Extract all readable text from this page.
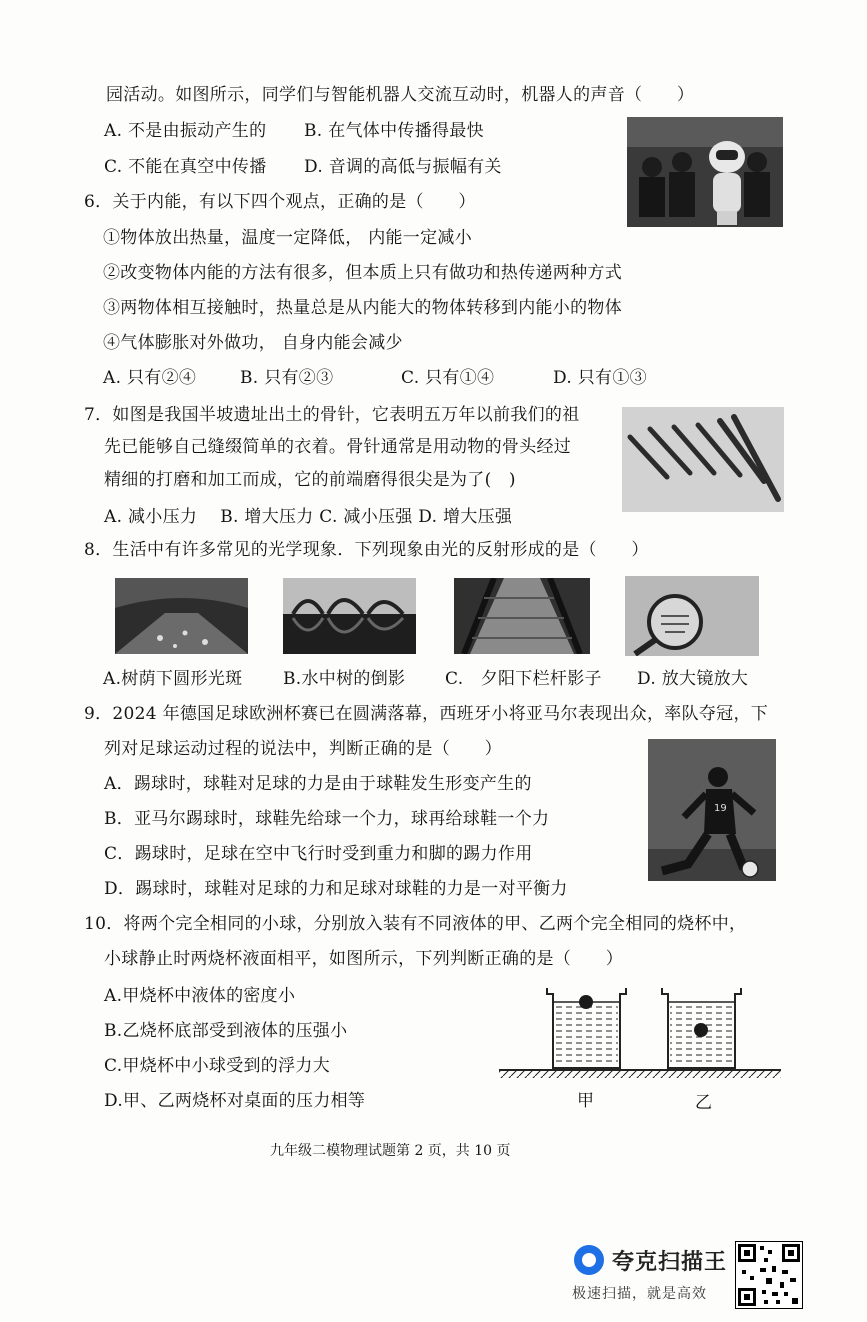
园活动。如图所示，同学们与智能机器人交流互动时，机器人的声音（　　）
A. 不是由振动产生的 B. 在气体中传播得最快
C. 不能在真空中传播 D. 音调的高低与振幅有关
6．关于内能，有以下四个观点，正确的是（　　）
①物体放出热量，温度一定降低， 内能一定减小
②改变物体内能的方法有很多，但本质上只有做功和热传递两种方式
③两物体相互接触时，热量总是从内能大的物体转移到内能小的物体
④气体膨胀对外做功， 自身内能会减少
A. 只有②④	B. 只有②③	C. 只有①④	D. 只有①③
7．如图是我国半坡遗址出土的骨针，它表明五万年以前我们的祖
先已能够自己缝缀简单的衣着。骨针通常是用动物的骨头经过
精细的打磨和加工而成，它的前端磨得很尖是为了(　)
A. 减小压力　 B. 增大压力 C. 减小压强 D. 增大压强
8．生活中有许多常见的光学现象．下列现象由光的反射形成的是（　　）
A.树荫下圆形光斑 B.水中树的倒影 C.　夕阳下栏杆影子 D. 放大镜放大
9．2024 年德国足球欧洲杯赛已在圆满落幕，西班牙小将亚马尔表现出众，率队夺冠，下
列对足球运动过程的说法中，判断正确的是（　　）
A．踢球时，球鞋对足球的力是由于球鞋发生形变产生的
B．亚马尔踢球时，球鞋先给球一个力，球再给球鞋一个力
C．踢球时，足球在空中飞行时受到重力和脚的踢力作用
D．踢球时，球鞋对足球的力和足球对球鞋的力是一对平衡力
19
10．将两个完全相同的小球，分别放入装有不同液体的甲、乙两个完全相同的烧杯中，
小球静止时两烧杯液面相平，如图所示，下列判断正确的是（　　）
A.甲烧杯中液体的密度小
B.乙烧杯底部受到液体的压强小
C.甲烧杯中小球受到的浮力大
D.甲、乙两烧杯对桌面的压力相等	甲	乙
九年级二模物理试题第 2 页，共 10 页
夸克扫描王
极速扫描，就是高效
